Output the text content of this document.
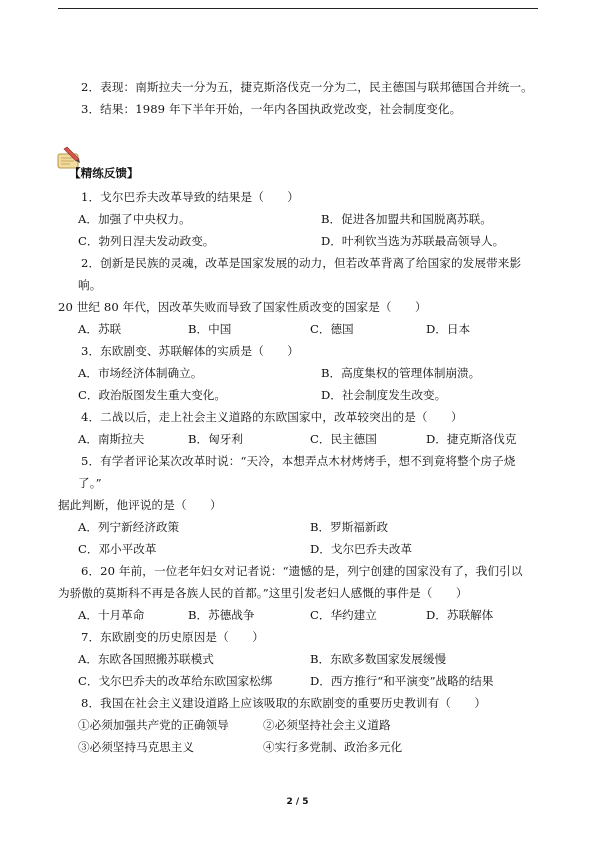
2．表现：南斯拉夫一分为五，捷克斯洛伐克一分为二，民主德国与联邦德国合并统一。
3．结果：1989 年下半年开始，一年内各国执政党改变，社会制度变化。
【精练反馈】
1．戈尔巴乔夫改革导致的结果是（　　）
A．加强了中央权力。	B．促进各加盟共和国脱离苏联。
C．勃列日涅夫发动政变。	D．叶利钦当选为苏联最高领导人。
2．创新是民族的灵魂，改革是国家发展的动力，但若改革背离了给国家的发展带来影
响。
20 世纪 80 年代，因改革失败而导致了国家性质改变的国家是（　　）
A．苏联	B．中国	C．德国	D．日本
3．东欧剧变、苏联解体的实质是（　　）
A．市场经济体制确立。	B．高度集权的管理体制崩溃。
C．政治版图发生重大变化。	D．社会制度发生改变。
4．二战以后，走上社会主义道路的东欧国家中，改革较突出的是（　　）
A．南斯拉夫	B．匈牙利	C．民主德国	D．捷克斯洛伐克
5．有学者评论某次改革时说：“天冷，本想弄点木材烤烤手，想不到竟将整个房子烧
了。”
据此判断，他评说的是（　　）
A．列宁新经济政策	B．罗斯福新政
C．邓小平改革	D．戈尔巴乔夫改革
6．20 年前，一位老年妇女对记者说：“遗憾的是，列宁创建的国家没有了，我们引以
为骄傲的莫斯科不再是各族人民的首都。”这里引发老妇人感慨的事件是（　　）
A．十月革命	B．苏德战争	C．华约建立	D．苏联解体
7．东欧剧变的历史原因是（　　）
A．东欧各国照搬苏联模式	B．东欧多数国家发展缓慢
C．戈尔巴乔夫的改革给东欧国家松绑	D．西方推行“和平演变”战略的结果
8．我国在社会主义建设道路上应该吸取的东欧剧变的重要历史教训有（　　）
①必须加强共产党的正确领导	②必须坚持社会主义道路
③必须坚持马克思主义	④实行多党制、政治多元化
2 / 5
